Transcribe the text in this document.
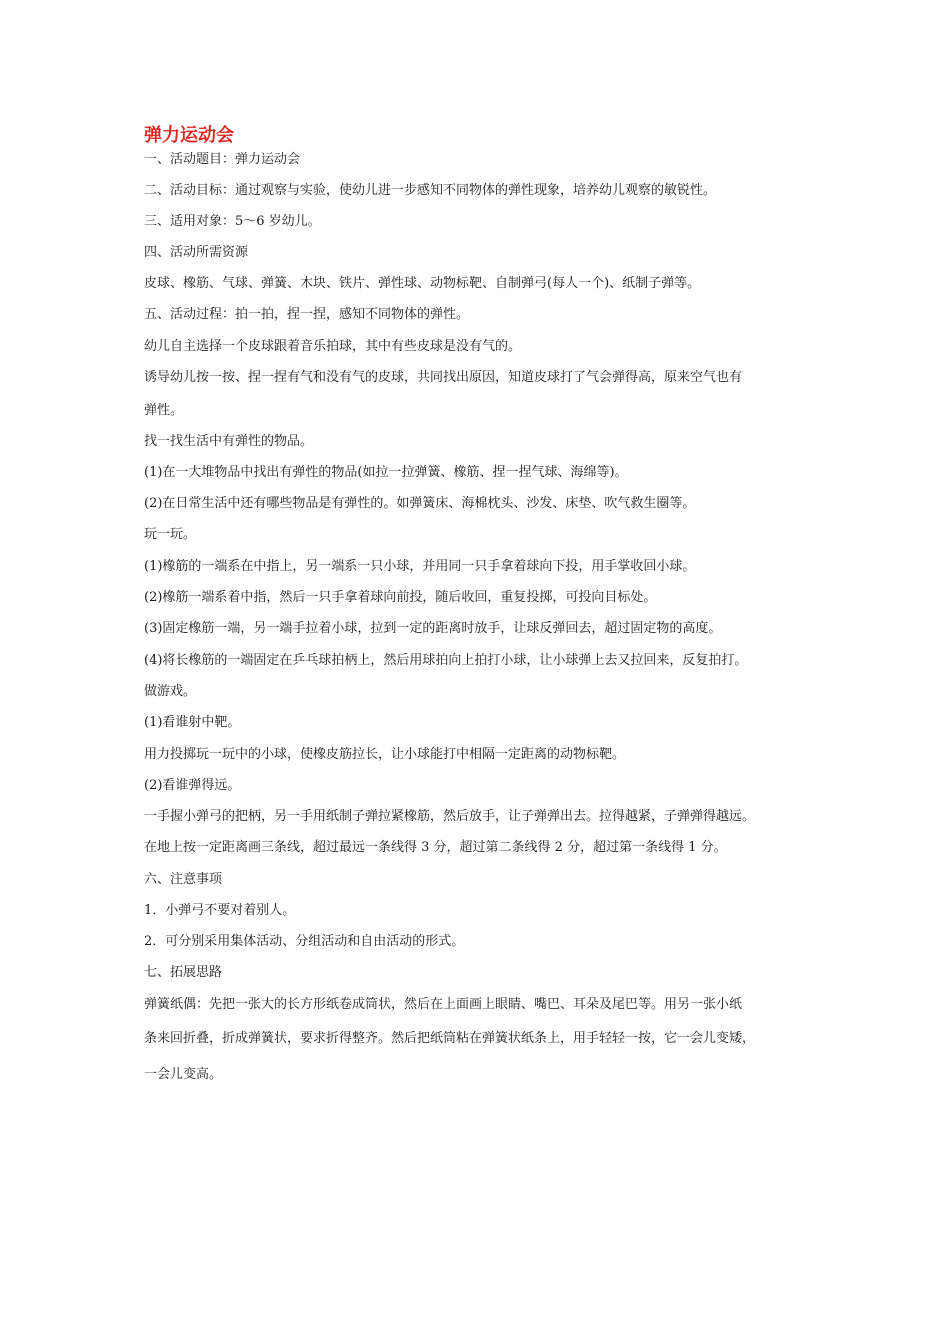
弹力运动会

一、活动题目：弹力运动会

二、活动目标：通过观察与实验，使幼儿进一步感知不同物体的弹性现象，培养幼儿观察的敏锐性。

三、适用对象：5～6 岁幼儿。

四、活动所需资源

皮球、橡筋、气球、弹簧、木块、铁片、弹性球、动物标靶、自制弹弓(每人一个)、纸制子弹等。

五、活动过程：拍一拍，捏一捏，感知不同物体的弹性。

幼儿自主选择一个皮球跟着音乐拍球，其中有些皮球是没有气的。

诱导幼儿按一按、捏一捏有气和没有气的皮球，共同找出原因，知道皮球打了气会弹得高，原来空气也有

弹性。

找一找生活中有弹性的物品。

(1)在一大堆物品中找出有弹性的物品(如拉一拉弹簧、橡筋、捏一捏气球、海绵等)。

(2)在日常生活中还有哪些物品是有弹性的。如弹簧床、海棉枕头、沙发、床垫、吹气救生圈等。

玩一玩。

(1)橡筋的一端系在中指上，另一端系一只小球，并用同一只手拿着球向下投，用手掌收回小球。

(2)橡筋一端系着中指，然后一只手拿着球向前投，随后收回，重复投掷，可投向目标处。

(3)固定橡筋一端，另一端手拉着小球，拉到一定的距离时放手，让球反弹回去，超过固定物的高度。

(4)将长橡筋的一端固定在乒乓球拍柄上，然后用球拍向上拍打小球，让小球弹上去又拉回来，反复拍打。

做游戏。

(1)看谁射中靶。

用力投掷玩一玩中的小球，使橡皮筋拉长，让小球能打中相隔一定距离的动物标靶。

(2)看谁弹得远。

一手握小弹弓的把柄，另一手用纸制子弹拉紧橡筋，然后放手，让子弹弹出去。拉得越紧，子弹弹得越远。

在地上按一定距离画三条线，超过最远一条线得 3 分，超过第二条线得 2 分，超过第一条线得 1 分。

六、注意事项

1．小弹弓不要对着别人。

2．可分别采用集体活动、分组活动和自由活动的形式。

七、拓展思路

弹簧纸偶：先把一张大的长方形纸卷成筒状，然后在上面画上眼睛、嘴巴、耳朵及尾巴等。用另一张小纸

条来回折叠，折成弹簧状，要求折得整齐。然后把纸筒粘在弹簧状纸条上，用手轻轻一按，它一会儿变矮，

一会儿变高。
